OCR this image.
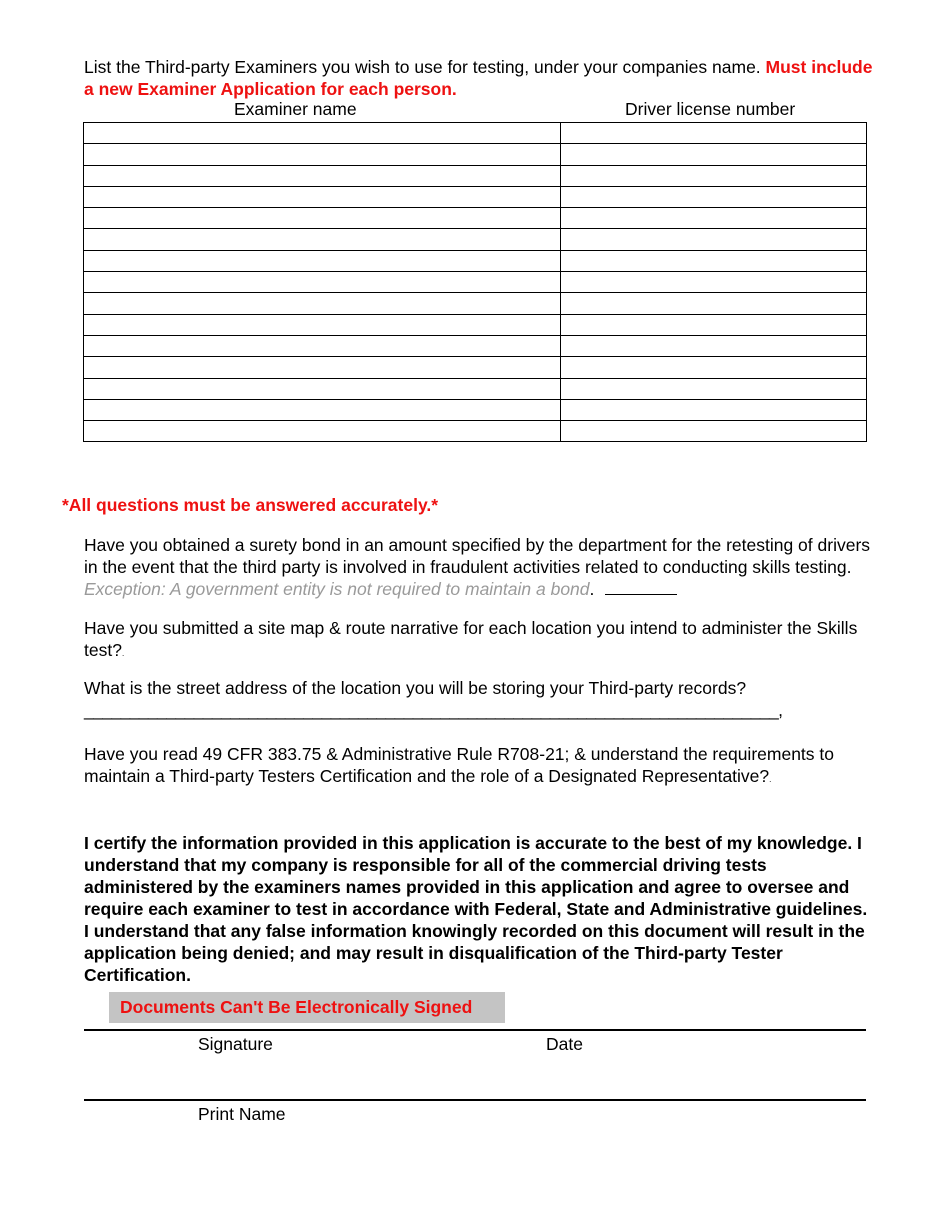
List the Third-party Examiners you wish to use for testing, under your companies name. Must include a new Examiner Application for each person.
Examiner name	Driver license number

*All questions must be answered accurately.*
Have you obtained a surety bond in an amount specified by the department for the retesting of drivers in the event that the third party is involved in fraudulent activities related to conducting skills testing. Exception: A government entity is not required to maintain a bond.
Have you submitted a site map & route narrative for each location you intend to administer the Skills test?.
What is the street address of the location you will be storing your Third-party records?
____________________________________________________________________________,
Have you read 49 CFR 383.75 & Administrative Rule R708-21; & understand the requirements to maintain a Third-party Testers Certification and the role of a Designated Representative?.
I certify the information provided in this application is accurate to the best of my knowledge. I understand that my company is responsible for all of the commercial driving tests administered by the examiners names provided in this application and agree to oversee and require each examiner to test in accordance with Federal, State and Administrative guidelines. I understand that any false information knowingly recorded on this document will result in the application being denied; and may result in disqualification of the Third-party Tester Certification.
Documents Can't Be Electronically Signed
Signature	Date
Print Name
